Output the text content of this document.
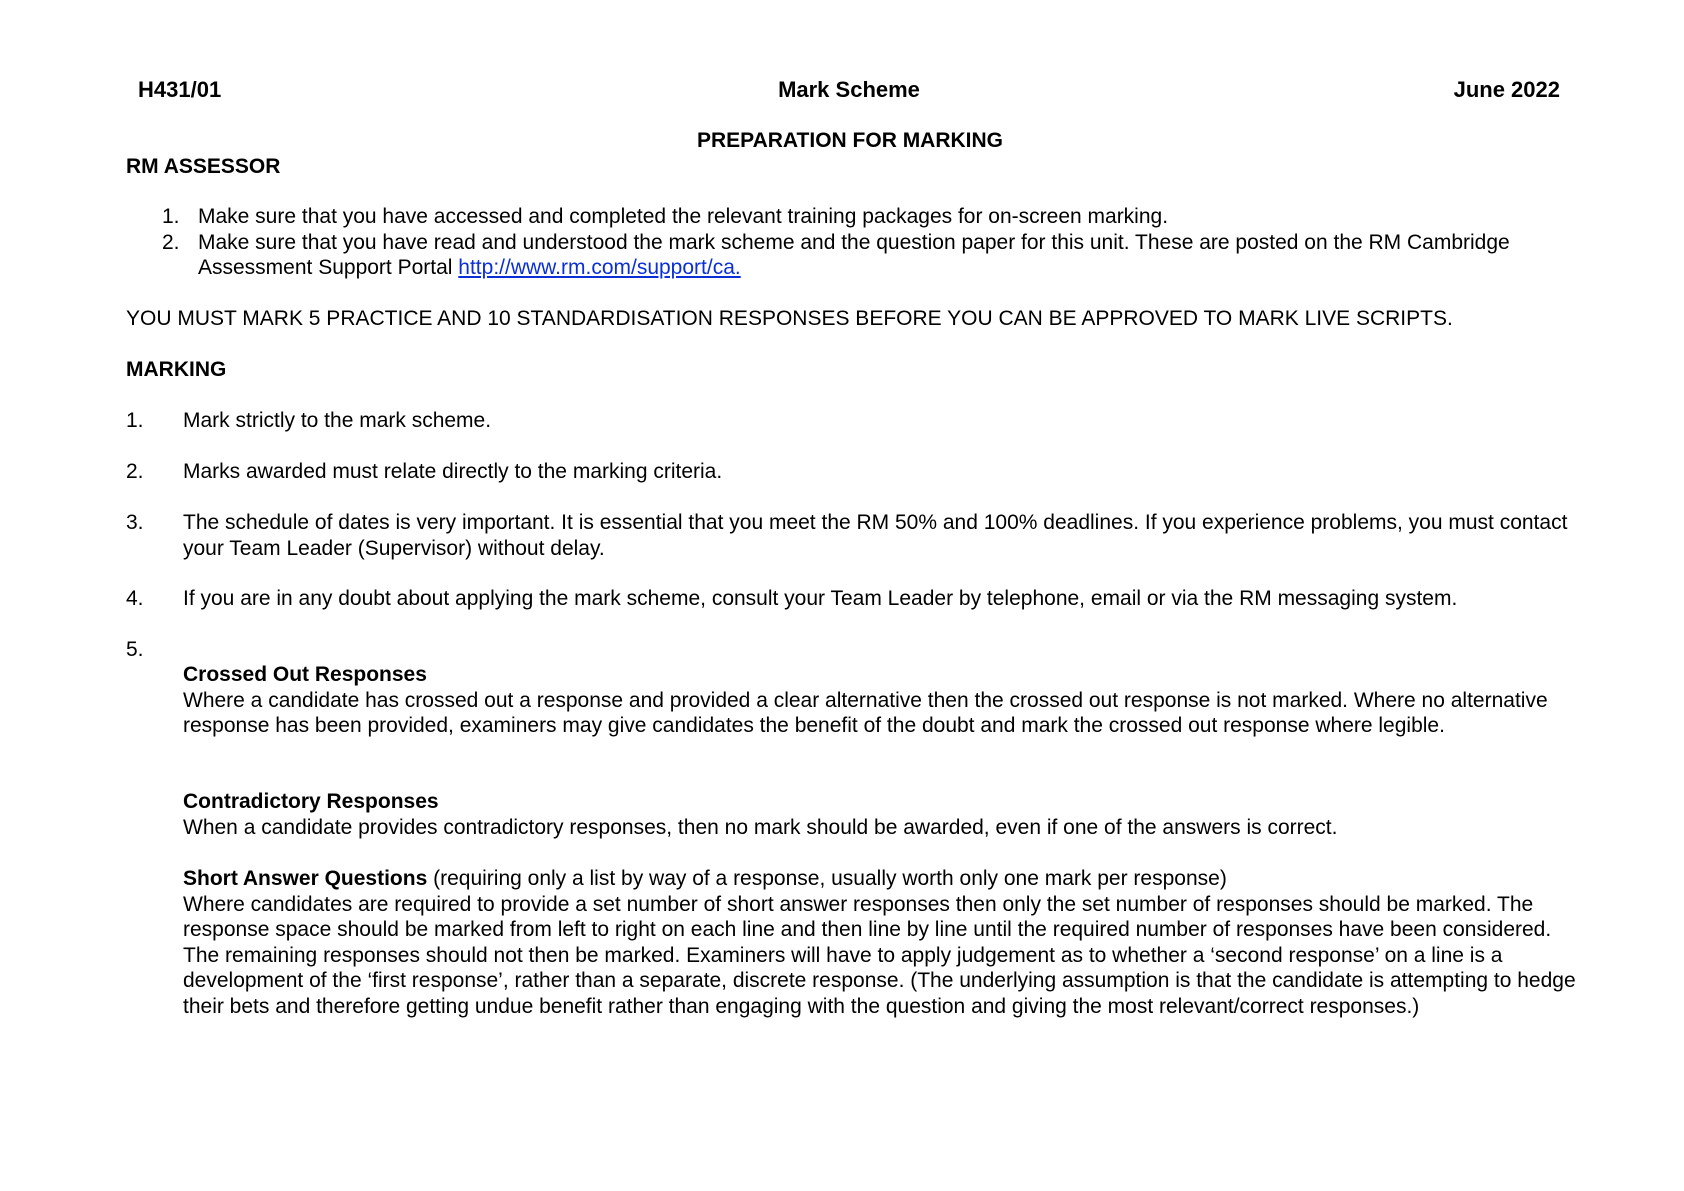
H431/01	Mark Scheme	June 2022
PREPARATION FOR MARKING
RM ASSESSOR
1. Make sure that you have accessed and completed the relevant training packages for on-screen marking.
2. Make sure that you have read and understood the mark scheme and the question paper for this unit. These are posted on the RM Cambridge Assessment Support Portal http://www.rm.com/support/ca.
YOU MUST MARK 5 PRACTICE AND 10 STANDARDISATION RESPONSES BEFORE YOU CAN BE APPROVED TO MARK LIVE SCRIPTS.
MARKING
1. Mark strictly to the mark scheme.
2. Marks awarded must relate directly to the marking criteria.
3. The schedule of dates is very important. It is essential that you meet the RM 50% and 100% deadlines. If you experience problems, you must contact your Team Leader (Supervisor) without delay.
4. If you are in any doubt about applying the mark scheme, consult your Team Leader by telephone, email or via the RM messaging system.
5.
Crossed Out Responses
Where a candidate has crossed out a response and provided a clear alternative then the crossed out response is not marked. Where no alternative response has been provided, examiners may give candidates the benefit of the doubt and mark the crossed out response where legible.
Contradictory Responses
When a candidate provides contradictory responses, then no mark should be awarded, even if one of the answers is correct.
Short Answer Questions (requiring only a list by way of a response, usually worth only one mark per response)
Where candidates are required to provide a set number of short answer responses then only the set number of responses should be marked. The response space should be marked from left to right on each line and then line by line until the required number of responses have been considered. The remaining responses should not then be marked. Examiners will have to apply judgement as to whether a ‘second response’ on a line is a development of the ‘first response’, rather than a separate, discrete response. (The underlying assumption is that the candidate is attempting to hedge their bets and therefore getting undue benefit rather than engaging with the question and giving the most relevant/correct responses.)
